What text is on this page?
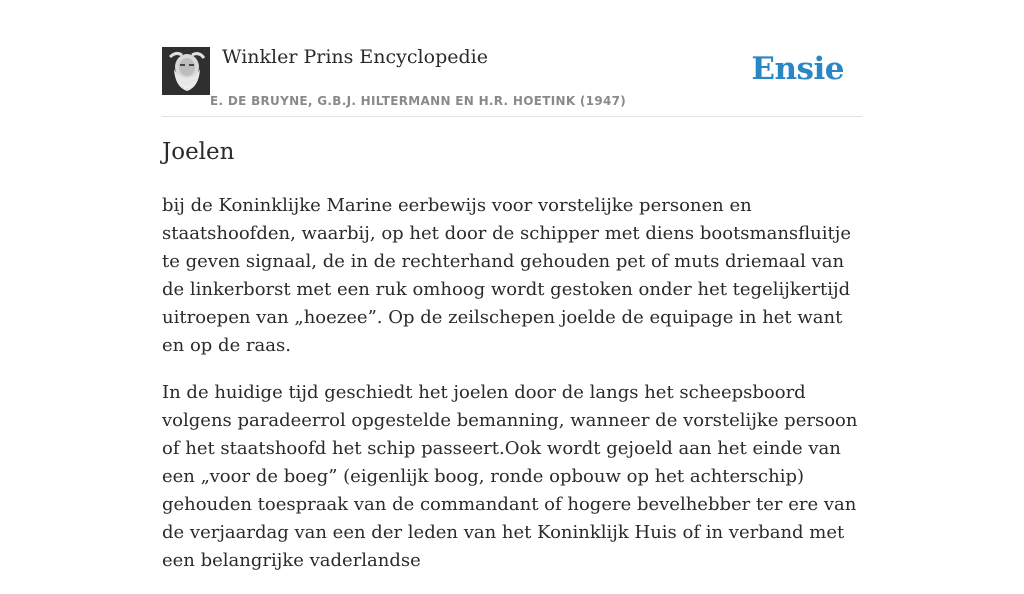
Winkler Prins Encyclopedie
E. DE BRUYNE, G.B.J. HILTERMANN EN H.R. HOETINK (1947)
Ensie
Joelen

bij de Koninklijke Marine eerbewijs voor vorstelijke personen en staatshoofden, waarbij, op het door de schipper met diens bootsmansfluitje te geven signaal, de in de rechterhand gehouden pet of muts driemaal van de linkerborst met een ruk omhoog wordt gestoken onder het tegelijkertijd uitroepen van „hoezee”. Op de zeilschepen joelde de equipage in het want en op de raas.

In de huidige tijd geschiedt het joelen door de langs het scheepsboord volgens paradeerrol opgestelde bemanning, wanneer de vorstelijke persoon of het staatshoofd het schip passeert.Ook wordt gejoeld aan het einde van een „voor de boeg” (eigenlijk boog, ronde opbouw op het achterschip) gehouden toespraak van de commandant of hogere bevelhebber ter ere van de verjaardag van een der leden van het Koninklijk Huis of in verband met een belangrijke vaderlandse
